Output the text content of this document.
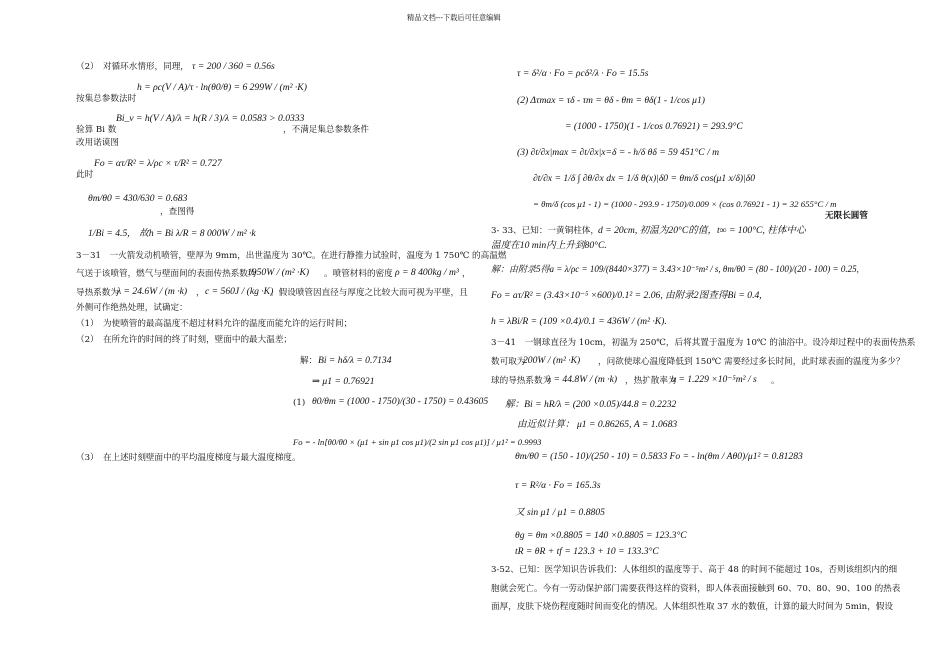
精品文档---下载后可任意编辑
（2）　对循环水情形，同理， τ = 200 / 360 = 0.56s
h = ρc(V / A)/τ · ln(θ0/θ) = 6 299W / (m² ·K)
按集总参数法时
Bi_v = h(V / A)/λ = h(R / 3)/λ = 0.0583 > 0.0333
验算 Bi 数	，不满足集总参数条件
改用诺谟图
Fo = ατ/R² = λ/ρc × τ/R² = 0.727
此时
θm/θ0 = 430/630 = 0.683
，查图得
1/Bi = 4.5,　故h = Bi λ/R = 8 000W / m² ·k
3－31　一火箭发动机喷管，壁厚为 9mm，出世温度为 30℃。在进行静推力试验时，温度为 1 750℃ 的高温燃
气送于该喷管，燃气与壁面间的表面传热系数为
1950W / (m² ·K) 。喷管材料的密度 ρ = 8 400kg / m³ ，
导热系数为
λ = 24.6W / (m ·k) ， c = 560J / (kg ·K)
。假设喷管因直径与厚度之比较大而可视为平壁，且
外侧可作绝热处理，试确定：
（1）　为使喷管的最高温度不超过材料允许的温度而能允许的运行时间；
（2）　在所允许的时间的终了时刻，壁面中的最大温差；
解： Bi = hδ/λ = 0.7134
⇒ μ1 = 0.76921
(1) θ0/θm = (1000 - 1750)/(30 - 1750) = 0.43605
Fo = - ln[θ0/θ0 × (μ1 + sin μ1 cos μ1)/(2 sin μ1 cos μ1)] / μ1² = 0.9993
（3）　在上述时刻壁面中的平均温度梯度与最大温度梯度。
τ = δ²/α · Fo = ρcδ²/λ · Fo = 15.5s
(2) Δτmax = τδ - τm = θδ - θm = θδ(1 - 1/cos μ1)
= (1000 - 1750)(1 - 1/cos 0.76921) = 293.9°C
(3) ∂t/∂x|max = ∂t/∂x|x=δ = - h/δ θδ = 59 451°C / m
∂t/∂x = 1/δ ∫ ∂θ/∂x dx = 1/δ θ(x)|δ0 = θm/δ cos(μ1 x/δ)|δ0
= θm/δ (cos μ1 - 1) = (1000 - 293.9 - 1750)/0.009 × (cos 0.76921 - 1) = 32 655°C / m
无限长圆管
3- 33、已知：一黄铜柱体， d = 20cm, 初温为20°C的值，t∞ = 100°C, 柱体中心
温度在10 min内上升到80°C.
解：由附录5得a = λ/ρc = 109/(8440×377) = 3.43×10⁻⁵m² / s, θm/θ0 = (80 - 100)/(20 - 100) = 0.25,
Fo = aτ/R² = (3.43×10⁻⁵ ×600)/0.1² = 2.06, 由附录2图查得Bi = 0.4,
h = λBi/R = (109 ×0.4)/0.1 = 436W / (m² ·K).
3－41　一钢球直径为 10cm，初温为 250℃，后将其置于温度为 10℃ 的油浴中。设冷却过程中的表面传热系
数可取为
200W / (m² ·K) ，问欲使球心温度降低到 150℃ 需要经过多长时间，此时球表面的温度为多少？
球的导热系数为
λ = 44.8W / (m ·k) ，热扩散率为
α = 1.229 ×10⁻⁵m² / s 。
解：Bi = hR/λ = (200 ×0.05)/44.8 = 0.2232
由近似计算： μ1 = 0.86265, A = 1.0683
θm/θ0 = (150 - 10)/(250 - 10) = 0.5833 Fo = - ln(θm / Aθ0)/μ1² = 0.81283
τ = R²/α · Fo = 165.3s
又 sin μ1 / μ1 = 0.8805
θg = θm ×0.8805 = 140 ×0.8805 = 123.3°C
tR = θR + tf = 123.3 + 10 = 133.3°C
3-52、已知：医学知识告诉我们：人体组织的温度等于、高于 48 的时间不能超过 10s，否则该组织内的细
胞就会死亡。今有一劳动保护部门需要获得这样的资料，即人体表面接触到 60、70、80、90、100 的热表
面厚，皮肤下烧伤程度随时间而变化的情况。人体组织性取 37 水的数值，计算的最大时间为 5min，假设
